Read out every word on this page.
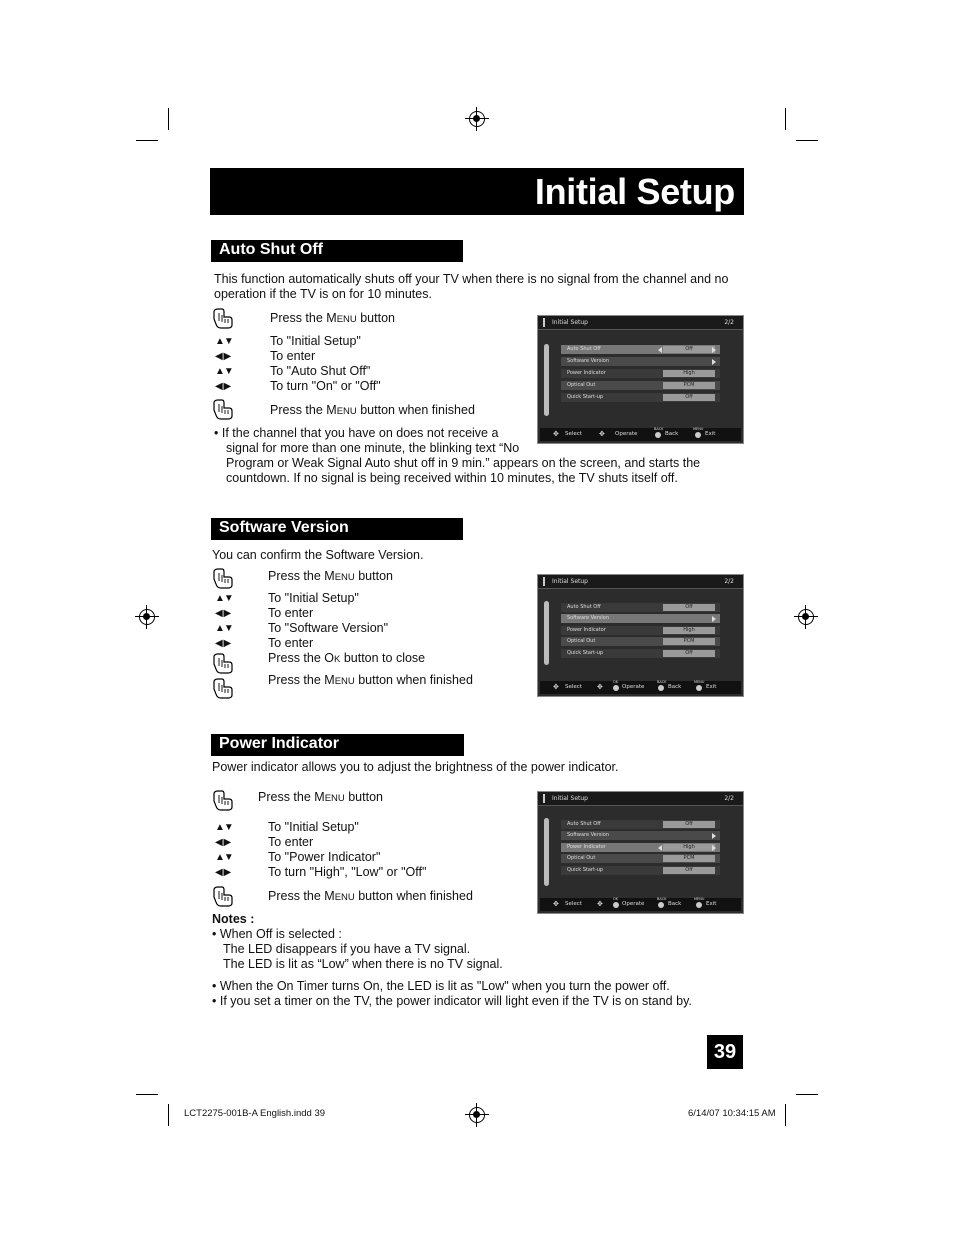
Initial Setup
Auto Shut Off
This function automatically shuts off your TV when there is no signal from the channel and no
operation if the TV is on for 10 minutes.
Press the MENU button
▲▼	To "Initial Setup"
◀ ▶	To enter
▲▼	To "Auto Shut Off"
◀ ▶	To turn "On" or "Off"
Press the MENU button when finished
• If the channel that you have on does not receive a
signal for more than one minute, the blinking text “No
Program or Weak Signal Auto shut off in 9 min.” appears on the screen, and starts the
countdown. If no signal is being received within 10 minutes, the TV shuts itself off.
Initial Setup	2/2
Auto Shut Off	Off
Software Version
Power Indicator	High
Optical Out	PCM
Quick Start-up	Off
✥ Select ✥ Operate
BACK
Back
MENU
Exit
Software Version
You can confirm the Software Version.
Press the MENU button
▲▼	To "Initial Setup"
◀ ▶	To enter
▲▼	To "Software Version"
◀ ▶	To enter
Press the OK button to close
Press the MENU button when finished
Initial Setup	2/2
Auto Shut Off	Off
Software Version
Power Indicator	High
Optical Out	PCM
Quick Start-up	Off
✥ Select ✥
OK
Operate
BACK
Back
MENU
Exit
Power Indicator
Power indicator allows you to adjust the brightness of the power indicator.
Press the MENU button
▲▼	To "Initial Setup"
◀ ▶	To enter
▲▼	To "Power Indicator"
◀ ▶	To turn "High", "Low" or "Off"
Press the MENU button when finished
Notes :
• When Off is selected :
The LED disappears if you have a TV signal.
The LED is lit as “Low” when there is no TV signal.
• When the On Timer turns On, the LED is lit as "Low" when you turn the power off.
• If you set a timer on the TV, the power indicator will light even if the TV is on stand by.
Initial Setup	2/2
Auto Shut Off	Off
Software Version
Power Indicator	High
Optical Out	PCM
Quick Start-up	Off
✥ Select ✥
OK
Operate
BACK
Back
MENU
Exit
39
LCT2275-001B-A English.indd 39	6/14/07 10:34:15 AM
